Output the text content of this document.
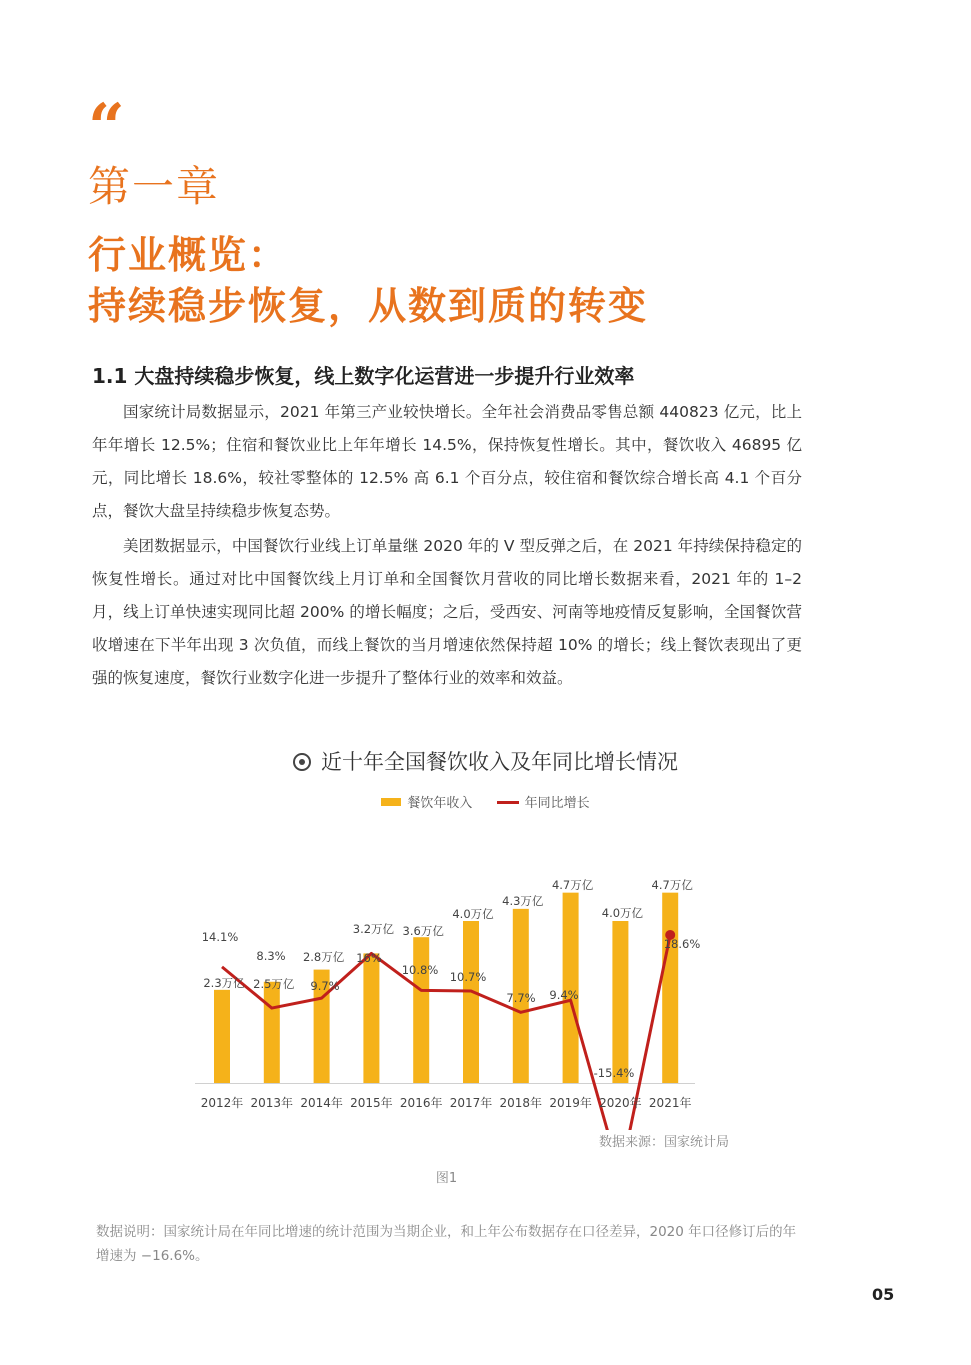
“
第一章
行业概览：
持续稳步恢复，从数到质的转变
1.1 大盘持续稳步恢复，线上数字化运营进一步提升行业效率

国家统计局数据显示，2021 年第三产业较快增长。全年社会消费品零售总额 440823 亿元，比上年年增长 12.5%；住宿和餐饮业比上年年增长 14.5%，保持恢复性增长。其中，餐饮收入 46895 亿元，同比增长 18.6%，较社零整体的 12.5% 高 6.1 个百分点，较住宿和餐饮综合增长高 4.1 个百分点，餐饮大盘呈持续稳步恢复态势。

美团数据显示，中国餐饮行业线上订单量继 2020 年的 V 型反弹之后，在 2021 年持续保持稳定的恢复性增长。通过对比中国餐饮线上月订单和全国餐饮月营收的同比增长数据来看，2021 年的 1–2 月，线上订单快速实现同比超 200% 的增长幅度；之后，受西安、河南等地疫情反复影响，全国餐饮营收增速在下半年出现 3 次负值，而线上餐饮的当月增速依然保持超 10% 的增长；线上餐饮表现出了更强的恢复速度，餐饮行业数字化进一步提升了整体行业的效率和效益。

近十年全国餐饮收入及年同比增长情况
餐饮年收入	年同比增长
2012年 2013年 2014年 2015年 2016年 2017年 2018年 2019年 2020年 2021年
2.3万亿 2.5万亿
2.8万亿
3.2万亿 3.6万亿
4.0万亿
4.3万亿
4.7万亿
4.0万亿
4.7万亿
14.1%
8.3%
9.7%
16%
10.8% 10.7%
7.7% 9.4%
-15.4%
18.6%
数据来源：国家统计局
图1
数据说明：国家统计局在年同比增速的统计范围为当期企业，和上年公布数据存在口径差异，2020 年口径修订后的年增速为 −16.6%。
05
